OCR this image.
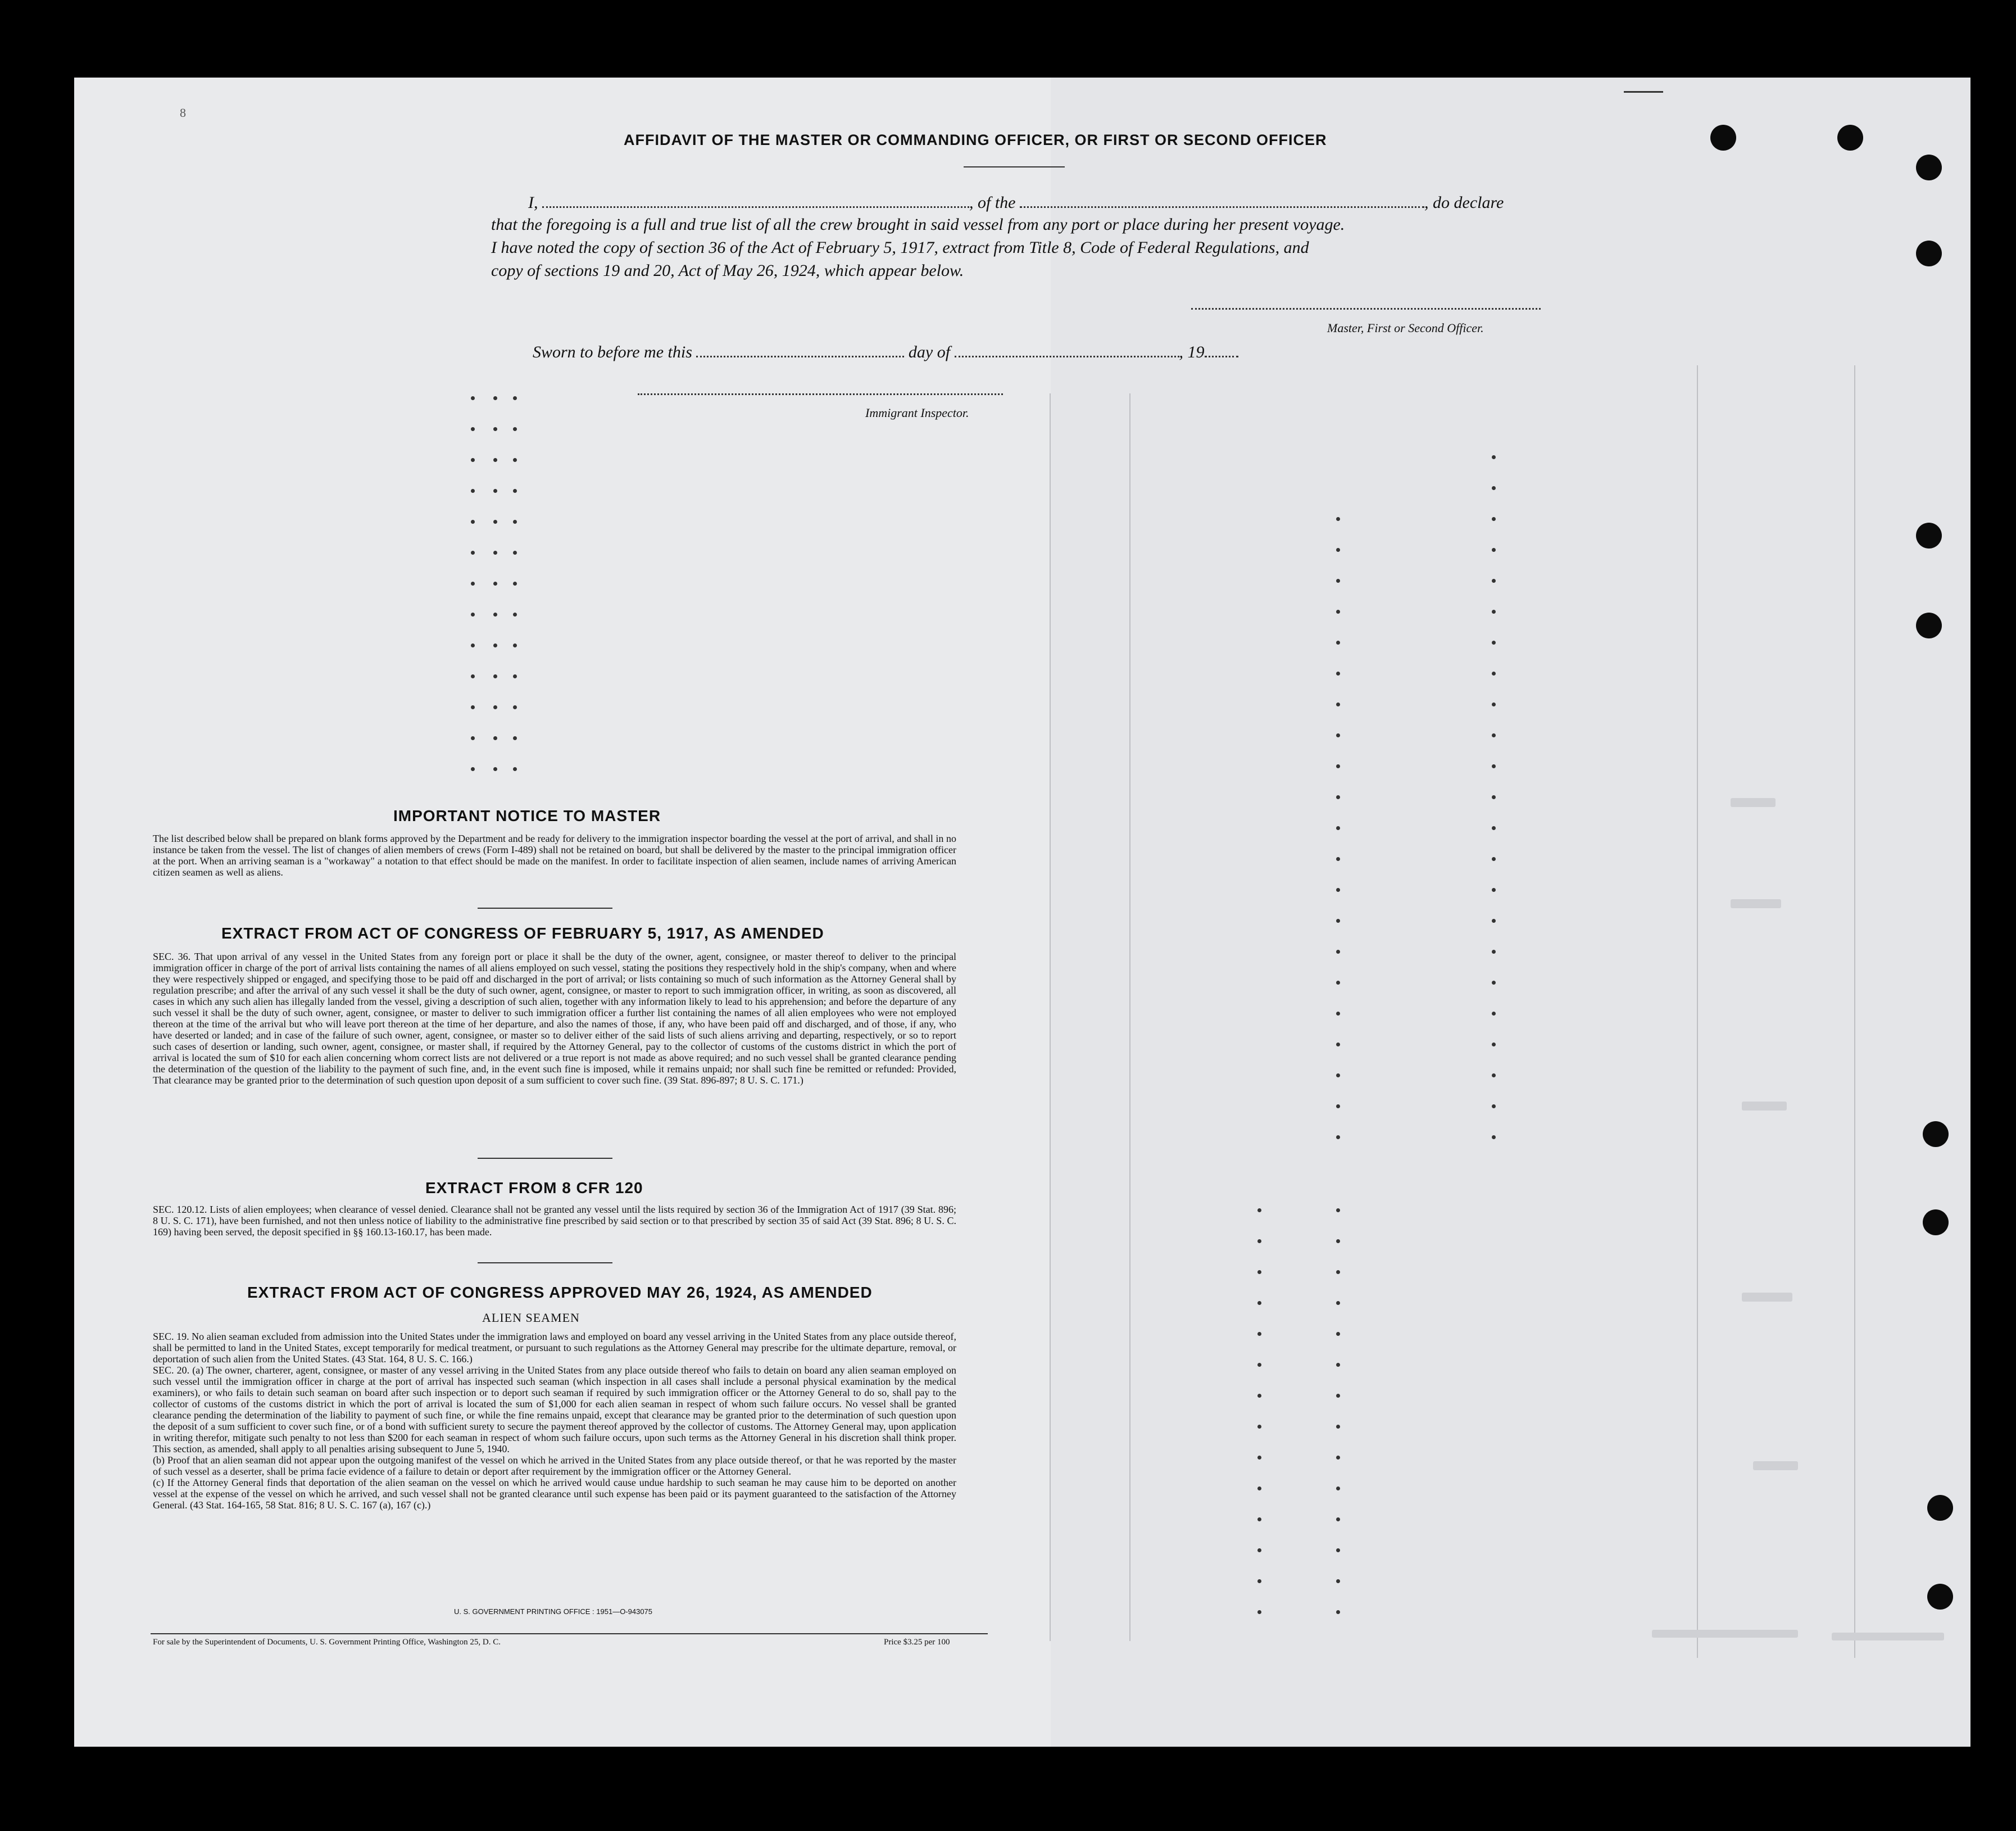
8
AFFIDAVIT OF THE MASTER OR COMMANDING OFFICER, OR FIRST OR SECOND OFFICER
I,	, of the	, do declare
that the foregoing is a full and true list of all the crew brought in said vessel from any port or place during her present voyage.
I have noted the copy of section 36 of the Act of February 5, 1917, extract from Title 8, Code of Federal Regulations, and
copy of sections 19 and 20, Act of May 26, 1924, which appear below.
Master, First or Second Officer.
Sworn to before me this	day of	, 19
Immigrant Inspector.
IMPORTANT NOTICE TO MASTER
The list described below shall be prepared on blank forms approved by the Department and be ready for delivery to the immigration inspector boarding the vessel at the port of arrival, and shall in no instance be taken from the vessel. The list of changes of alien members of crews (Form I-489) shall not be retained on board, but shall be delivered by the master to the principal immigration officer at the port. When an arriving seaman is a "workaway" a notation to that effect should be made on the manifest. In order to facilitate inspection of alien seamen, include names of arriving American citizen seamen as well as aliens.
EXTRACT FROM ACT OF CONGRESS OF FEBRUARY 5, 1917, AS AMENDED
SEC. 36. That upon arrival of any vessel in the United States from any foreign port or place it shall be the duty of the owner, agent, consignee, or master thereof to deliver to the principal immigration officer in charge of the port of arrival lists containing the names of all aliens employed on such vessel, stating the positions they respectively hold in the ship's company, when and where they were respectively shipped or engaged, and specifying those to be paid off and discharged in the port of arrival; or lists containing so much of such information as the Attorney General shall by regulation prescribe; and after the arrival of any such vessel it shall be the duty of such owner, agent, consignee, or master to report to such immigration officer, in writing, as soon as discovered, all cases in which any such alien has illegally landed from the vessel, giving a description of such alien, together with any information likely to lead to his apprehension; and before the departure of any such vessel it shall be the duty of such owner, agent, consignee, or master to deliver to such immigration officer a further list containing the names of all alien employees who were not employed thereon at the time of the arrival but who will leave port thereon at the time of her departure, and also the names of those, if any, who have been paid off and discharged, and of those, if any, who have deserted or landed; and in case of the failure of such owner, agent, consignee, or master so to deliver either of the said lists of such aliens arriving and departing, respectively, or so to report such cases of desertion or landing, such owner, agent, consignee, or master shall, if required by the Attorney General, pay to the collector of customs of the customs district in which the port of arrival is located the sum of $10 for each alien concerning whom correct lists are not delivered or a true report is not made as above required; and no such vessel shall be granted clearance pending the determination of the question of the liability to the payment of such fine, and, in the event such fine is imposed, while it remains unpaid; nor shall such fine be remitted or refunded: Provided, That clearance may be granted prior to the determination of such question upon deposit of a sum sufficient to cover such fine. (39 Stat. 896-897; 8 U. S. C. 171.)
EXTRACT FROM 8 CFR 120
SEC. 120.12. Lists of alien employees; when clearance of vessel denied. Clearance shall not be granted any vessel until the lists required by section 36 of the Immigration Act of 1917 (39 Stat. 896; 8 U. S. C. 171), have been furnished, and not then unless notice of liability to the administrative fine prescribed by said section or to that prescribed by section 35 of said Act (39 Stat. 896; 8 U. S. C. 169) having been served, the deposit specified in §§ 160.13-160.17, has been made.
EXTRACT FROM ACT OF CONGRESS APPROVED MAY 26, 1924, AS AMENDED
ALIEN SEAMEN
SEC. 19. No alien seaman excluded from admission into the United States under the immigration laws and employed on board any vessel arriving in the United States from any place outside thereof, shall be permitted to land in the United States, except temporarily for medical treatment, or pursuant to such regulations as the Attorney General may prescribe for the ultimate departure, removal, or deportation of such alien from the United States. (43 Stat. 164, 8 U. S. C. 166.)
SEC. 20. (a) The owner, charterer, agent, consignee, or master of any vessel arriving in the United States from any place outside thereof who fails to detain on board any alien seaman employed on such vessel until the immigration officer in charge at the port of arrival has inspected such seaman (which inspection in all cases shall include a personal physical examination by the medical examiners), or who fails to detain such seaman on board after such inspection or to deport such seaman if required by such immigration officer or the Attorney General to do so, shall pay to the collector of customs of the customs district in which the port of arrival is located the sum of $1,000 for each alien seaman in respect of whom such failure occurs. No vessel shall be granted clearance pending the determination of the liability to payment of such fine, or while the fine remains unpaid, except that clearance may be granted prior to the determination of such question upon the deposit of a sum sufficient to cover such fine, or of a bond with sufficient surety to secure the payment thereof approved by the collector of customs. The Attorney General may, upon application in writing therefor, mitigate such penalty to not less than $200 for each seaman in respect of whom such failure occurs, upon such terms as the Attorney General in his discretion shall think proper. This section, as amended, shall apply to all penalties arising subsequent to June 5, 1940.
(b) Proof that an alien seaman did not appear upon the outgoing manifest of the vessel on which he arrived in the United States from any place outside thereof, or that he was reported by the master of such vessel as a deserter, shall be prima facie evidence of a failure to detain or deport after requirement by the immigration officer or the Attorney General.
(c) If the Attorney General finds that deportation of the alien seaman on the vessel on which he arrived would cause undue hardship to such seaman he may cause him to be deported on another vessel at the expense of the vessel on which he arrived, and such vessel shall not be granted clearance until such expense has been paid or its payment guaranteed to the satisfaction of the Attorney General. (43 Stat. 164-165, 58 Stat. 816; 8 U. S. C. 167 (a), 167 (c).)
U. S. GOVERNMENT PRINTING OFFICE : 1951—O-943075
For sale by the Superintendent of Documents, U. S. Government Printing Office, Washington 25, D. C.	Price $3.25 per 100
